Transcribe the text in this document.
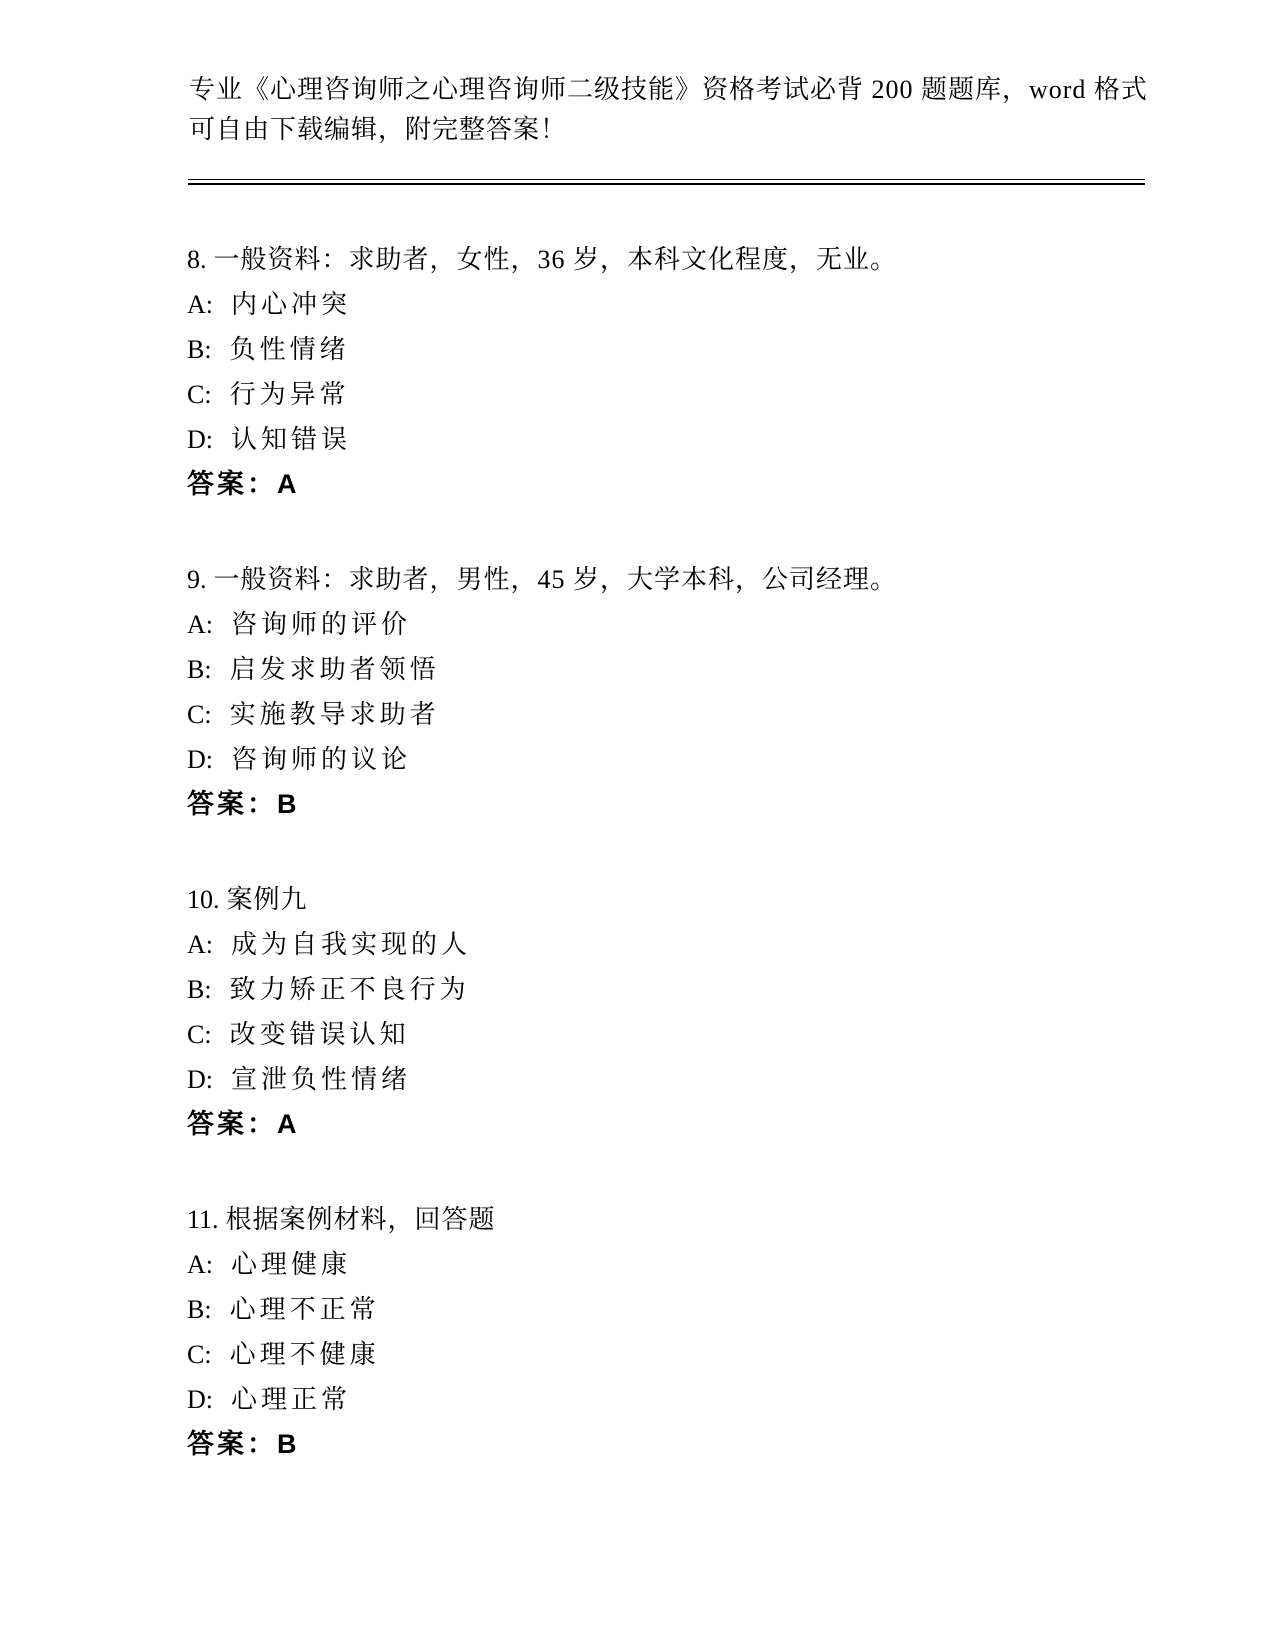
专业《心理咨询师之心理咨询师二级技能》资格考试必背 200 题题库，word 格式
可自由下载编辑，附完整答案！
8. 一般资料：求助者，女性，36 岁，本科文化程度，无业。
A: 内心冲突
B: 负性情绪
C: 行为异常
D: 认知错误
答案：A
9. 一般资料：求助者，男性，45 岁，大学本科，公司经理。
A: 咨询师的评价
B: 启发求助者领悟
C: 实施教导求助者
D: 咨询师的议论
答案：B
10. 案例九
A: 成为自我实现的人
B: 致力矫正不良行为
C: 改变错误认知
D: 宣泄负性情绪
答案：A
11. 根据案例材料，回答题
A: 心理健康
B: 心理不正常
C: 心理不健康
D: 心理正常
答案：B
